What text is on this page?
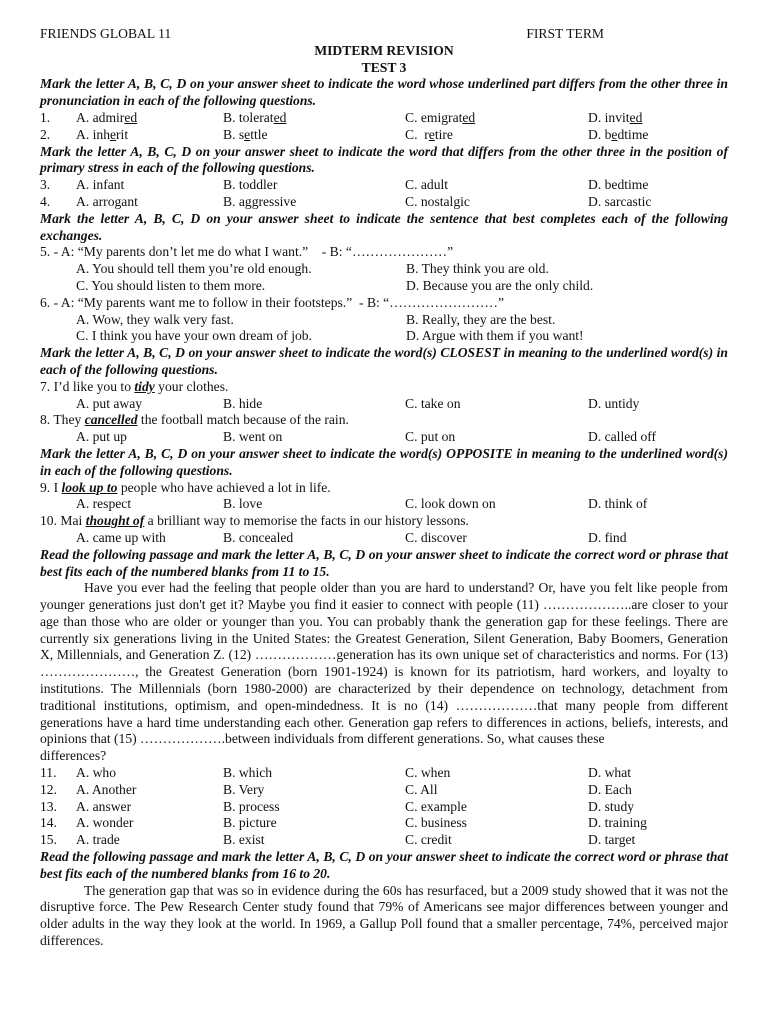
FRIENDS GLOBAL 11	FIRST TERM
MIDTERM REVISION
TEST 3
Mark the letter A, B, C, D on your answer sheet to indicate the word whose underlined part differs from the other three in pronunciation in each of the following questions.
1.	A. admired	B. tolerated	C. emigrated	D. invited
2.	A. inherit	B. settle	C.  retire	D. bedtime
Mark the letter A, B, C, D on your answer sheet to indicate the word that differs from the other three in the position of primary stress in each of the following questions.
3.	A. infant	B. toddler	C. adult	D. bedtime
4.	A. arrogant	B. aggressive	C. nostalgic	D. sarcastic
Mark the letter A, B, C, D on your answer sheet to indicate the sentence that best completes each of the following exchanges.
5. - A: “My parents don’t let me do what I want.”    - B: “…………………”
A. You should tell them you’re old enough.	B. They think you are old.
C. You should listen to them more.	D. Because you are the only child.
6. - A: “My parents want me to follow in their footsteps.”  - B: “……………………”
A. Wow, they walk very fast.	B. Really, they are the best.
C. I think you have your own dream of job.	D. Argue with them if you want!
Mark the letter A, B, C, D on your answer sheet to indicate the word(s) CLOSEST in meaning to the underlined word(s) in each of the following questions.
7. I’d like you to tidy your clothes.
A. put away	B. hide	C. take on	D. untidy
8. They cancelled the football match because of the rain.
A. put up	B. went on	C. put on	D. called off
Mark the letter A, B, C, D on your answer sheet to indicate the word(s) OPPOSITE in meaning to the underlined word(s) in each of the following questions.
9. I look up to people who have achieved a lot in life.
A. respect	B. love	C. look down on	D. think of
10. Mai thought of a brilliant way to memorise the facts in our history lessons.
A. came up with	B. concealed	C. discover	D. find
Read the following passage and mark the letter A, B, C, D on your answer sheet to indicate the correct word or phrase that best fits each of the numbered blanks from 11 to 15.
Have you ever had the feeling that people older than you are hard to understand? Or, have you felt like people from younger generations just don't get it? Maybe you find it easier to connect with people (11) ………………..are closer to your age than those who are older or younger than you. You can probably thank the generation gap for these feelings. There are currently six generations living in the United States: the Greatest Generation, Silent Generation, Baby Boomers, Generation X, Millennials, and Generation Z. (12) ………………generation has its own unique set of characteristics and norms. For (13) …………………, the Greatest Generation (born 1901-1924) is known for its patriotism, hard workers, and loyalty to institutions. The Millennials (born 1980-2000) are characterized by their dependence on technology, detachment from traditional institutions, optimism, and open-mindedness. It is no (14) ………………that many people from different generations have a hard time understanding each other. Generation gap refers to differences in actions, beliefs, interests, and opinions that (15) ……………….between individuals from different generations. So, what causes these
differences?
11.	A. who	B. which	C. when	D. what
12.	A. Another	B. Very	C. All	D. Each
13.	A. answer	B. process	C. example	D. study
14.	A. wonder	B. picture	C. business	D. training
15.	A. trade	B. exist	C. credit	D. target
Read the following passage and mark the letter A, B, C, D on your answer sheet to indicate the correct word or phrase that best fits each of the numbered blanks from 16 to 20.
The generation gap that was so in evidence during the 60s has resurfaced, but a 2009 study showed that it was not the disruptive force. The Pew Research Center study found that 79% of Americans see major differences between younger and older adults in the way they look at the world. In 1969, a Gallup Poll found that a smaller percentage, 74%, perceived major differences.
